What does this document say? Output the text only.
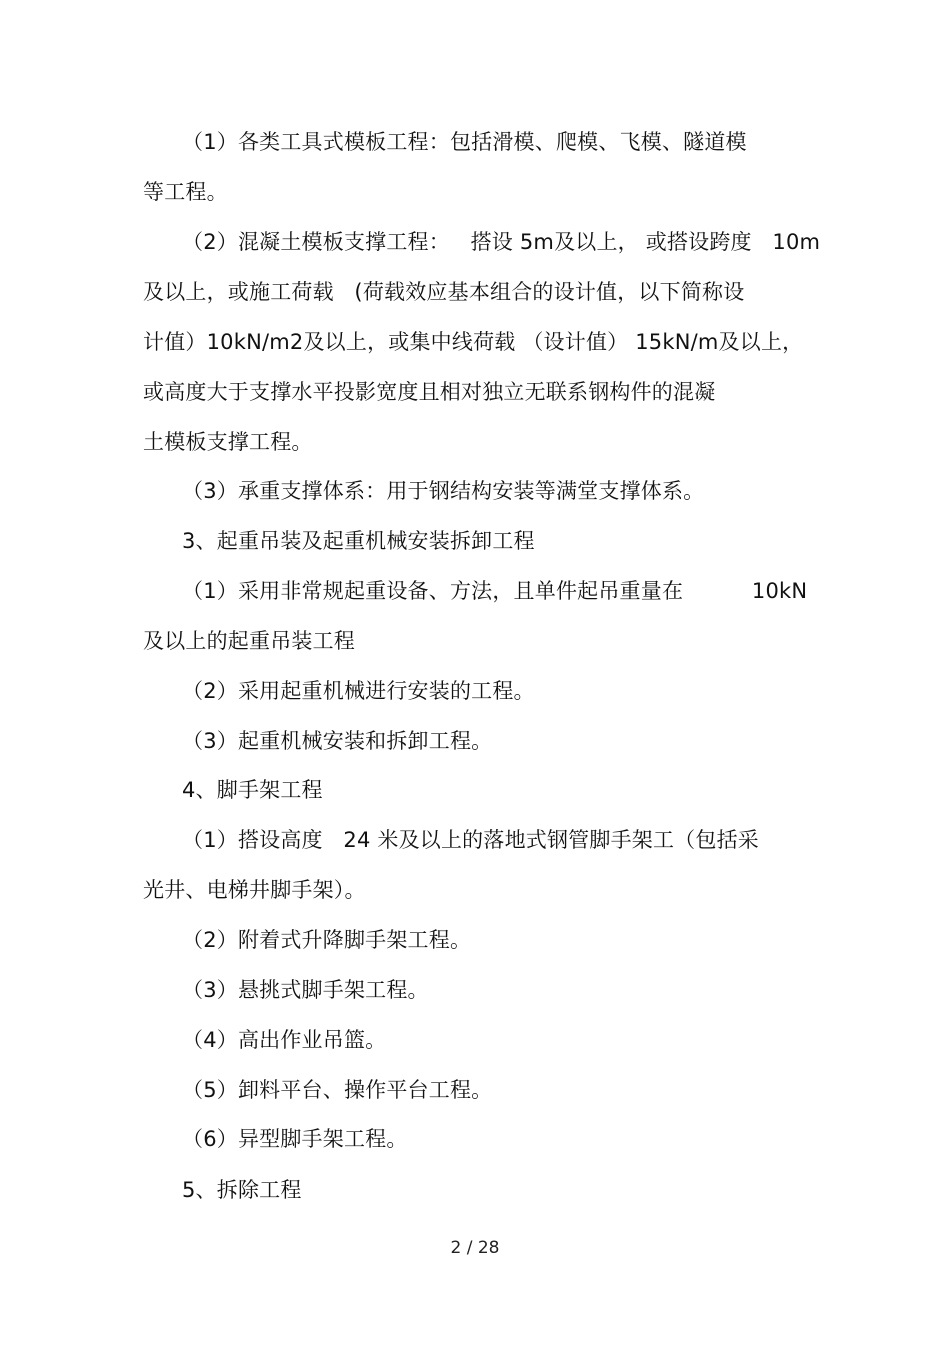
（1）各类工具式模板工程：包括滑模、爬模、飞模、隧道模
等工程。
（2）混凝土模板支撑工程：   搭设 5m及以上， 或搭设跨度   10m
及以上，或施工荷载   (荷载效应基本组合的设计值，以下简称设
计值）10kN/m2及以上，或集中线荷载 （设计值） 15kN/m及以上，
或高度大于支撑水平投影宽度且相对独立无联系钢构件的混凝
土模板支撑工程。
（3）承重支撑体系：用于钢结构安装等满堂支撑体系。
3、起重吊装及起重机械安装拆卸工程
（1）采用非常规起重设备、方法，且单件起吊重量在          10kN
及以上的起重吊装工程
（2）采用起重机械进行安装的工程。
（3）起重机械安装和拆卸工程。
4、脚手架工程
（1）搭设高度   24 米及以上的落地式钢管脚手架工（包括采
光井、电梯井脚手架）。
（2）附着式升降脚手架工程。
（3）悬挑式脚手架工程。
（4）高出作业吊篮。
（5）卸料平台、操作平台工程。
（6）异型脚手架工程。
5、拆除工程
2 / 28
